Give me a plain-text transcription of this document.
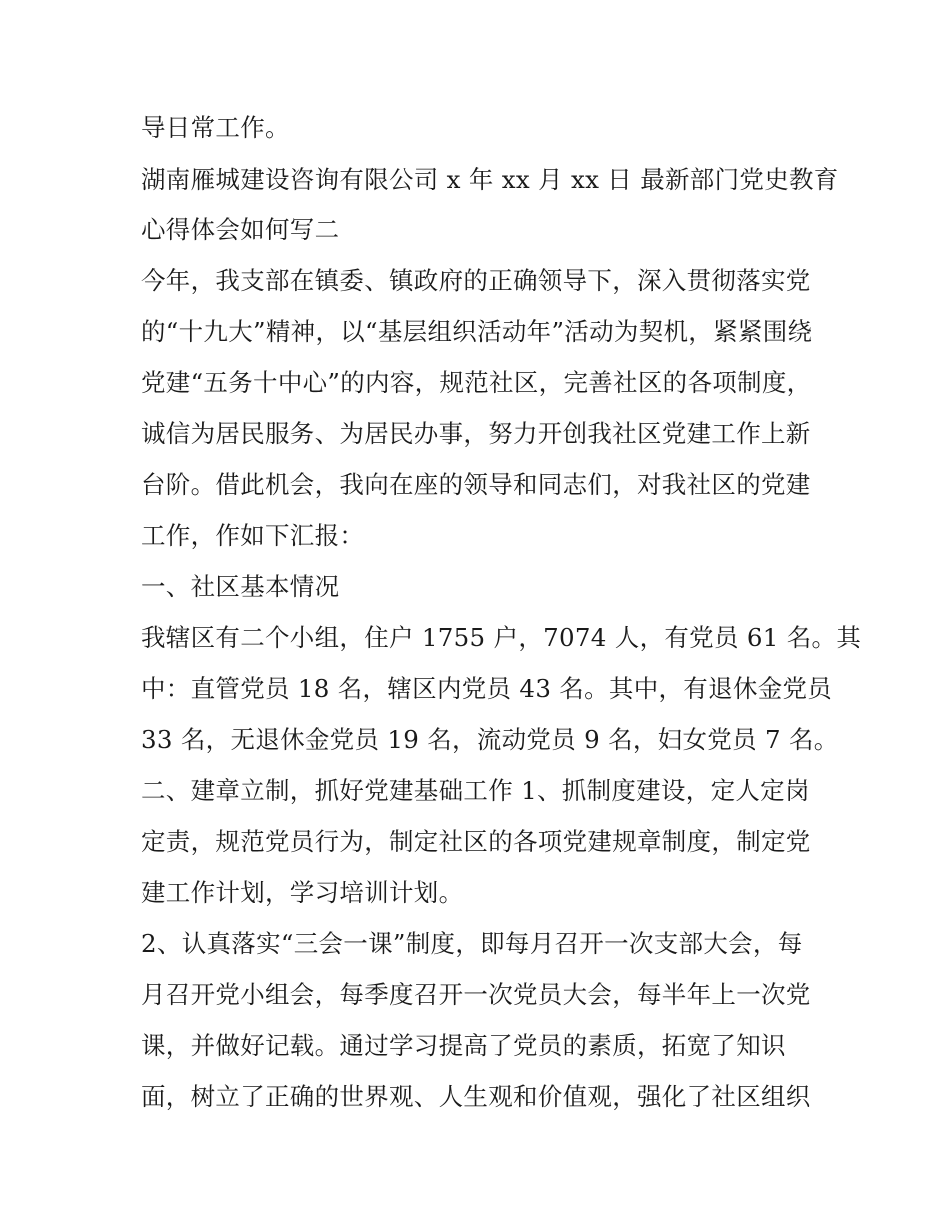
导日常工作。
湖南雁城建设咨询有限公司 x 年 xx 月 xx 日 最新部门党史教育
心得体会如何写二
今年，我支部在镇委、镇政府的正确领导下，深入贯彻落实党
的“十九大”精神，以“基层组织活动年”活动为契机，紧紧围绕
党建“五务十中心”的内容，规范社区，完善社区的各项制度，
诚信为居民服务、为居民办事，努力开创我社区党建工作上新
台阶。借此机会，我向在座的领导和同志们，对我社区的党建
工作，作如下汇报：
一、社区基本情况
我辖区有二个小组，住户 1755 户，7074 人，有党员 61 名。其
中：直管党员 18 名，辖区内党员 43 名。其中，有退休金党员
33 名，无退休金党员 19 名，流动党员 9 名，妇女党员 7 名。
二、建章立制，抓好党建基础工作 1、抓制度建设，定人定岗
定责，规范党员行为，制定社区的各项党建规章制度，制定党
建工作计划，学习培训计划。
2、认真落实“三会一课”制度，即每月召开一次支部大会，每
月召开党小组会，每季度召开一次党员大会，每半年上一次党
课，并做好记载。通过学习提高了党员的素质，拓宽了知识
面，树立了正确的世界观、人生观和价值观，强化了社区组织
